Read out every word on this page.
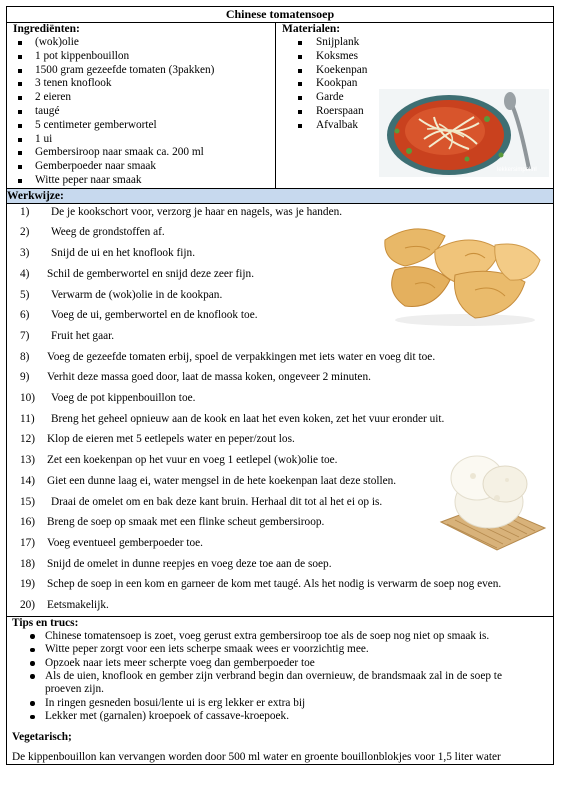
Chinese tomatensoep

Ingrediënten:
(wok)olie
1 pot kippenbouillon
1500 gram gezeefde tomaten (3pakken)
3 tenen knoflook
2 eieren
taugé
5 centimeter gemberwortel
1 ui
Gembersiroop naar smaak ca. 200 ml
Gemberpoeder naar smaak
Witte peper naar smaak

Materialen:
Snijplank
Koksmes
Koekenpan
Kookpan
Garde
Roerspaan
Afvalbak
lekkersimpel.nl

Werkwijze:

1) De je kookschort voor, verzorg je haar en nagels, was je handen.
2) Weeg de grondstoffen af.
3) Snijd de ui en het knoflook fijn.
4) Schil de gemberwortel en snijd deze zeer fijn.
5) Verwarm de (wok)olie in de kookpan.
6) Voeg de ui, gemberwortel en de knoflook toe.
7) Fruit het gaar.
8) Voeg de gezeefde tomaten erbij, spoel de verpakkingen met iets water en voeg dit toe.
9) Verhit deze massa goed door, laat de massa koken, ongeveer 2 minuten.
10) Voeg de pot kippenbouillon toe.
11) Breng het geheel opnieuw aan de kook en laat het even koken, zet het vuur eronder uit.
12) Klop de eieren met 5 eetlepels water en peper/zout los.
13) Zet een koekenpan op het vuur en voeg 1 eetlepel (wok)olie toe.
14) Giet een dunne laag ei, water mengsel in de hete koekenpan laat deze stollen.
15) Draai de omelet om en bak deze kant bruin. Herhaal dit tot al het ei op is.
16) Breng de soep op smaak met een flinke scheut gembersiroop.
17) Voeg eventueel gemberpoeder toe.
18) Snijd de omelet in dunne reepjes en voeg deze toe aan de soep.
19) Schep de soep in een kom en garneer de kom met taugé. Als het nodig is verwarm de soep nog even.
20) Eetsmakelijk.

Tips en trucs:
Chinese tomatensoep is zoet, voeg gerust extra gembersiroop toe als de soep nog niet op smaak is.
Witte peper zorgt voor een iets scherpe smaak wees er voorzichtig mee.
Opzoek naar iets meer scherpte voeg dan gemberpoeder toe
Als de uien, knoflook en gember zijn verbrand begin dan overnieuw, de brandsmaak zal in de soep te proeven zijn.
In ringen gesneden bosui/lente ui is erg lekker er extra bij
Lekker met (garnalen) kroepoek of cassave-kroepoek.
Vegetarisch;
De kippenbouillon kan vervangen worden door 500 ml water en groente bouillonblokjes voor 1,5 liter water
